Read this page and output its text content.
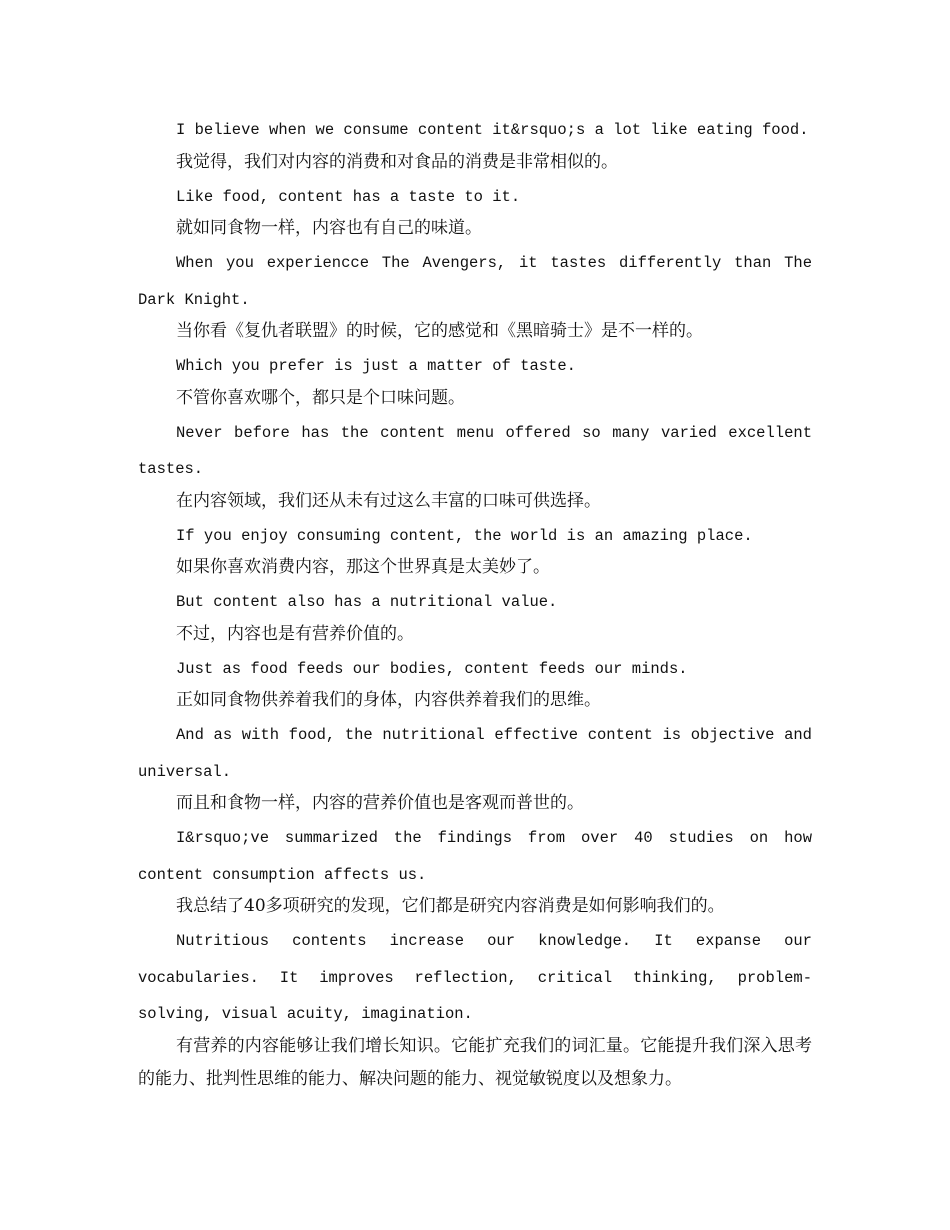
I believe when we consume content it&rsquo;s a lot like eating food.

我觉得，我们对内容的消费和对食品的消费是非常相似的。

Like food, content has a taste to it.

就如同食物一样，内容也有自己的味道。

When you experiencce The Avengers, it tastes differently than The Dark Knight.

当你看《复仇者联盟》的时候，它的感觉和《黑暗骑士》是不一样的。

Which you prefer is just a matter of taste.

不管你喜欢哪个，都只是个口味问题。

Never before has the content menu offered so many varied excellent tastes.

在内容领域，我们还从未有过这么丰富的口味可供选择。

If you enjoy consuming content, the world is an amazing place.

如果你喜欢消费内容，那这个世界真是太美妙了。

But content also has a nutritional value.

不过，内容也是有营养价值的。

Just as food feeds our bodies, content feeds our minds.

正如同食物供养着我们的身体，内容供养着我们的思维。

And as with food, the nutritional effective content is objective and universal.

而且和食物一样，内容的营养价值也是客观而普世的。

I&rsquo;ve summarized the findings from over 40 studies on how content consumption affects us.

我总结了40多项研究的发现，它们都是研究内容消费是如何影响我们的。

Nutritious contents increase our knowledge. It expanse our vocabularies. It improves reflection, critical thinking, problem-solving, visual acuity, imagination.

有营养的内容能够让我们增长知识。它能扩充我们的词汇量。它能提升我们深入思考的能力、批判性思维的能力、解决问题的能力、视觉敏锐度以及想象力。
